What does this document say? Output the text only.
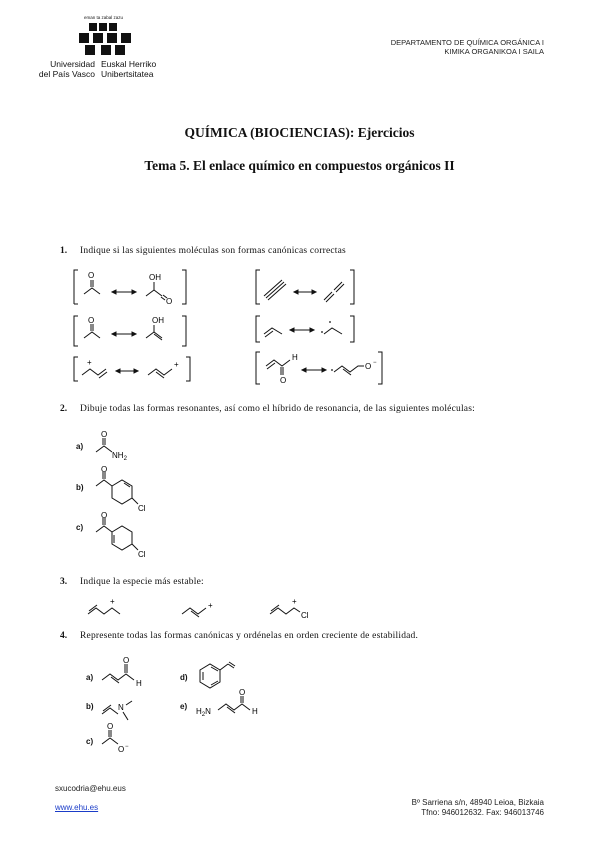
eman ta zabal zazu
Universidad
del País Vasco
Euskal Herriko
Unibertsitatea
DEPARTAMENTO DE QUÍMICA ORGÁNICA I
KIMIKA ORGANIKOA I SAILA
QUÍMICA (BIOCIENCIAS): Ejercicios
Tema 5. El enlace químico en compuestos orgánicos II
1. Indique si las siguientes moléculas son formas canónicas correctas
O	OH
O
O	OH
+	+
O
H
O −
2. Dibuje todas las formas resonantes, así como el híbrido de resonancia, de las siguientes moléculas:
a)
O
$NH_2$
b)
O
Cl
c)
O
Cl
3. Indique la especie más estable:
+	+	+
Cl
4. Represente todas las formas canónicas y ordénelas en orden creciente de estabilidad.
a)
O
H
b)	N
c)
O
O −
d)
e)
$H_2N$
O
H
sxucodria@ehu.eus
www.ehu.es
Bº Sarriena s/n, 48940 Leioa, Bizkaia
Tfno: 946012632. Fax: 946013746
